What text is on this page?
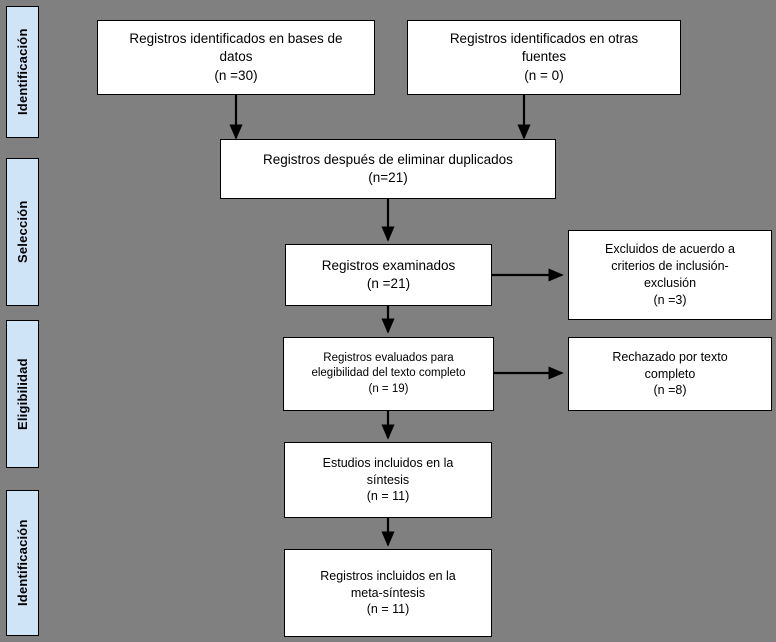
Identificación
Selección
Eligibilidad
Identificación
Registros identificados en bases de
datos
(n =30)
Registros identificados en otras
fuentes
(n = 0)
Registros después de eliminar duplicados
(n=21)
Registros examinados
(n =21)
Excluidos de acuerdo a
criterios de inclusión-
exclusión
(n =3)
Registros evaluados para
elegibilidad del texto completo
(n = 19)
Rechazado por texto
completo
(n =8)
Estudios incluidos en la
síntesis
(n = 11)
Registros incluidos en la
meta-síntesis
(n = 11)
